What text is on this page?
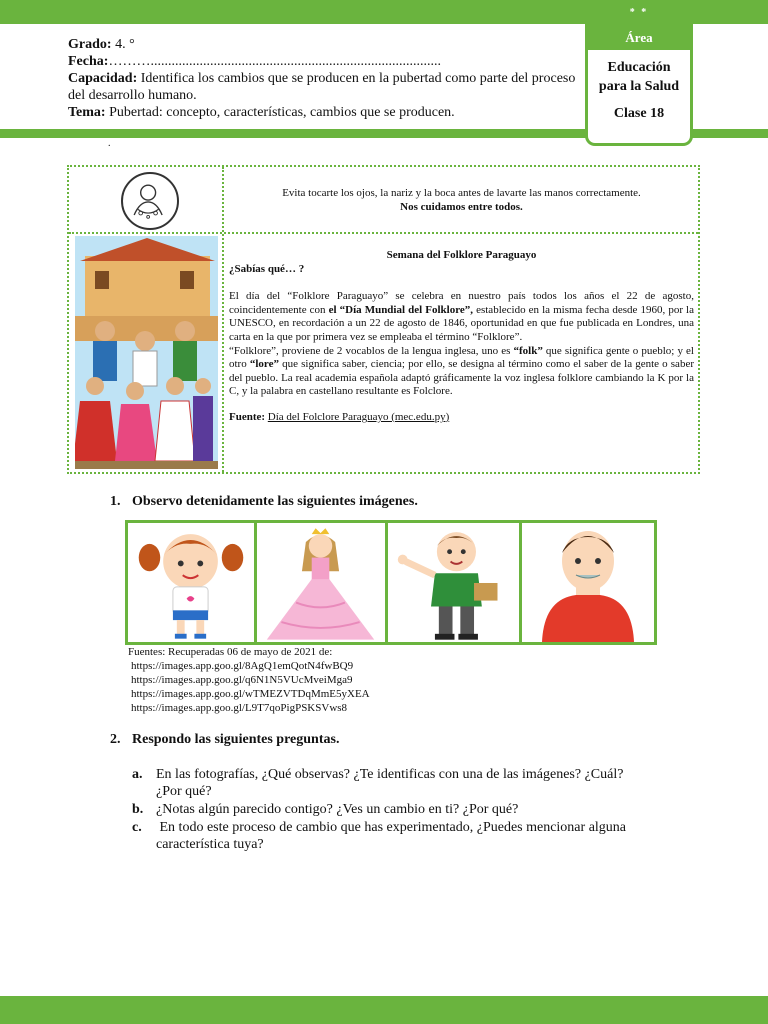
* *
Área
Educación
para la Salud
Clase 18
Grado: 4. °
Fecha:………...................................................................................
Capacidad: Identifica los cambios que se producen en la pubertad como parte del proceso del desarrollo humano.
Tema: Pubertad: concepto, características, cambios que se producen.
.
Evita tocarte los ojos, la nariz y la boca antes de lavarte las manos correctamente.
Nos cuidamos entre todos.

Semana del Folklore Paraguayo

¿Sabías qué… ?

El día del “Folklore Paraguayo” se celebra en nuestro país todos los años el 22 de agosto, coincidentemente con el “Día Mundial del Folklore”, establecido en la misma fecha desde 1960, por la UNESCO, en recordación a un 22 de agosto de 1846, oportunidad en que fue publicada en Londres, una carta en la que por primera vez se empleaba el término “Folklore”.

“Folklore”, proviene de 2 vocablos de la lengua inglesa, uno es “folk” que significa gente o pueblo; y el otro “lore” que significa saber, ciencia; por ello, se designa al término como el saber de la gente o saber del pueblo. La real academia española adaptó gráficamente la voz inglesa folklore cambiando la K por la C, y la palabra en castellano resultante es Folclore.

Fuente: Día del Folclore Paraguayo (mec.edu.py)

1. Observo detenidamente las siguientes imágenes.
Fuentes: Recuperadas 06 de mayo de 2021 de:
https://images.app.goo.gl/8AgQ1emQotN4fwBQ9
https://images.app.goo.gl/q6N1N5VUcMveiMga9
https://images.app.goo.gl/wTMEZVTDqMmE5yXEA
https://images.app.goo.gl/L9T7qoPigPSKSVws8
2. Respondo las siguientes preguntas.
a. En las fotografías, ¿Qué observas? ¿Te identificas con una de las imágenes? ¿Cuál? ¿Por qué?
b. ¿Notas algún parecido contigo? ¿Ves un cambio en ti? ¿Por qué?
c.	En todo este proceso de cambio que has experimentado, ¿Puedes mencionar alguna característica tuya?
